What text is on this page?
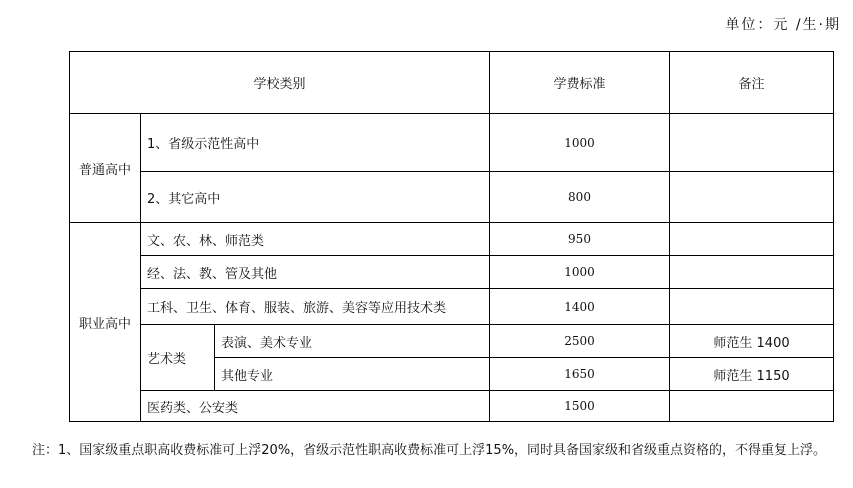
单位：元 /生·期
学校类别			学费标准	备注
普通高中	1、省级示范性高中		1000	
	2、其它高中		800	
职业高中	文、农、林、师范类		950	
	经、法、教、管及其他		1000	
	工科、卫生、体育、服装、旅游、美容等应用技术类		1400	
	艺术类	表演、美术专业	2500	师范生 1400
		其他专业	1650	师范生 1150
	医药类、公安类		1500	
注：1、国家级重点职高收费标准可上浮20%，省级示范性职高收费标准可上浮15%，同时具备国家级和省级重点资格的，不得重复上浮。
